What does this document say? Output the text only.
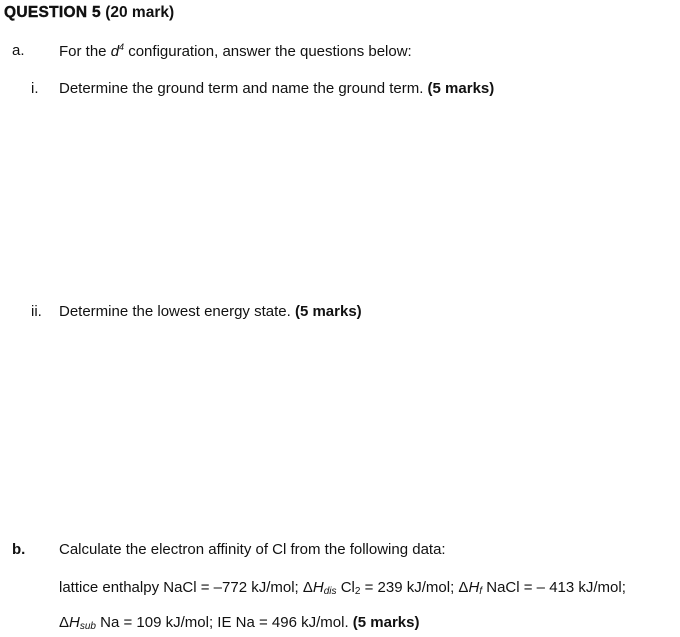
QUESTION 5 (20 mark)
a. For the $d^4$ configuration, answer the questions below:
i. Determine the ground term and name the ground term. (5 marks)
ii. Determine the lowest energy state. (5 marks)
b. Calculate the electron affinity of Cl from the following data:
lattice enthalpy NaCl = –772 kJ/mol; $\Delta H_{dis}$ $Cl_2 = 239$ kJ/mol; $\Delta H_f$ NaCl = – 413 kJ/mol;
$\Delta H_{sub}$ Na = 109 kJ/mol; IE Na = 496 kJ/mol. (5 marks)
